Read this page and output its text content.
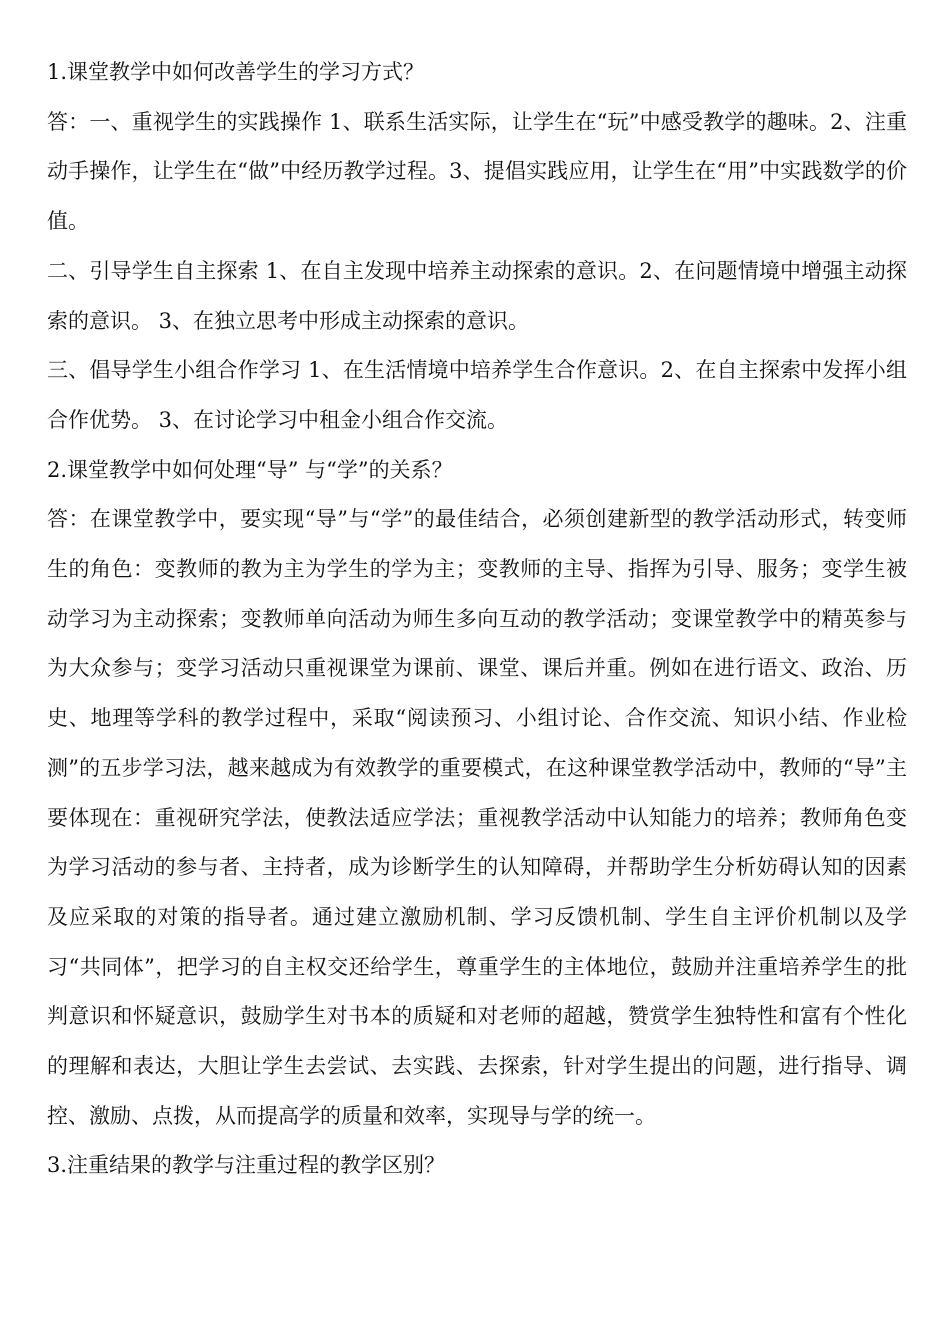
1.课堂教学中如何改善学生的学习方式？

答：一、重视学生的实践操作 1、联系生活实际，让学生在“玩”中感受教学的趣味。2、注重动手操作，让学生在“做”中经历教学过程。3、提倡实践应用，让学生在“用”中实践数学的价值。

二、引导学生自主探索 1、在自主发现中培养主动探索的意识。2、在问题情境中增强主动探索的意识。 3、在独立思考中形成主动探索的意识。

三、倡导学生小组合作学习 1、在生活情境中培养学生合作意识。2、在自主探索中发挥小组合作优势。 3、在讨论学习中租金小组合作交流。

2.课堂教学中如何处理“导” 与“学”的关系？

答：在课堂教学中，要实现“导”与“学”的最佳结合，必须创建新型的教学活动形式，转变师生的角色：变教师的教为主为学生的学为主；变教师的主导、指挥为引导、服务；变学生被动学习为主动探索；变教师单向活动为师生多向互动的教学活动；变课堂教学中的精英参与为大众参与；变学习活动只重视课堂为课前、课堂、课后并重。例如在进行语文、政治、历史、地理等学科的教学过程中，采取“阅读预习、小组讨论、合作交流、知识小结、作业检测”的五步学习法，越来越成为有效教学的重要模式，在这种课堂教学活动中，教师的“导”主要体现在：重视研究学法，使教法适应学法；重视教学活动中认知能力的培养；教师角色变为学习活动的参与者、主持者，成为诊断学生的认知障碍，并帮助学生分析妨碍认知的因素及应采取的对策的指导者。通过建立激励机制、学习反馈机制、学生自主评价机制以及学习“共同体”，把学习的自主权交还给学生，尊重学生的主体地位，鼓励并注重培养学生的批判意识和怀疑意识，鼓励学生对书本的质疑和对老师的超越，赞赏学生独特性和富有个性化的理解和表达，大胆让学生去尝试、去实践、去探索，针对学生提出的问题，进行指导、调控、激励、点拨，从而提高学的质量和效率，实现导与学的统一。

3.注重结果的教学与注重过程的教学区别？
